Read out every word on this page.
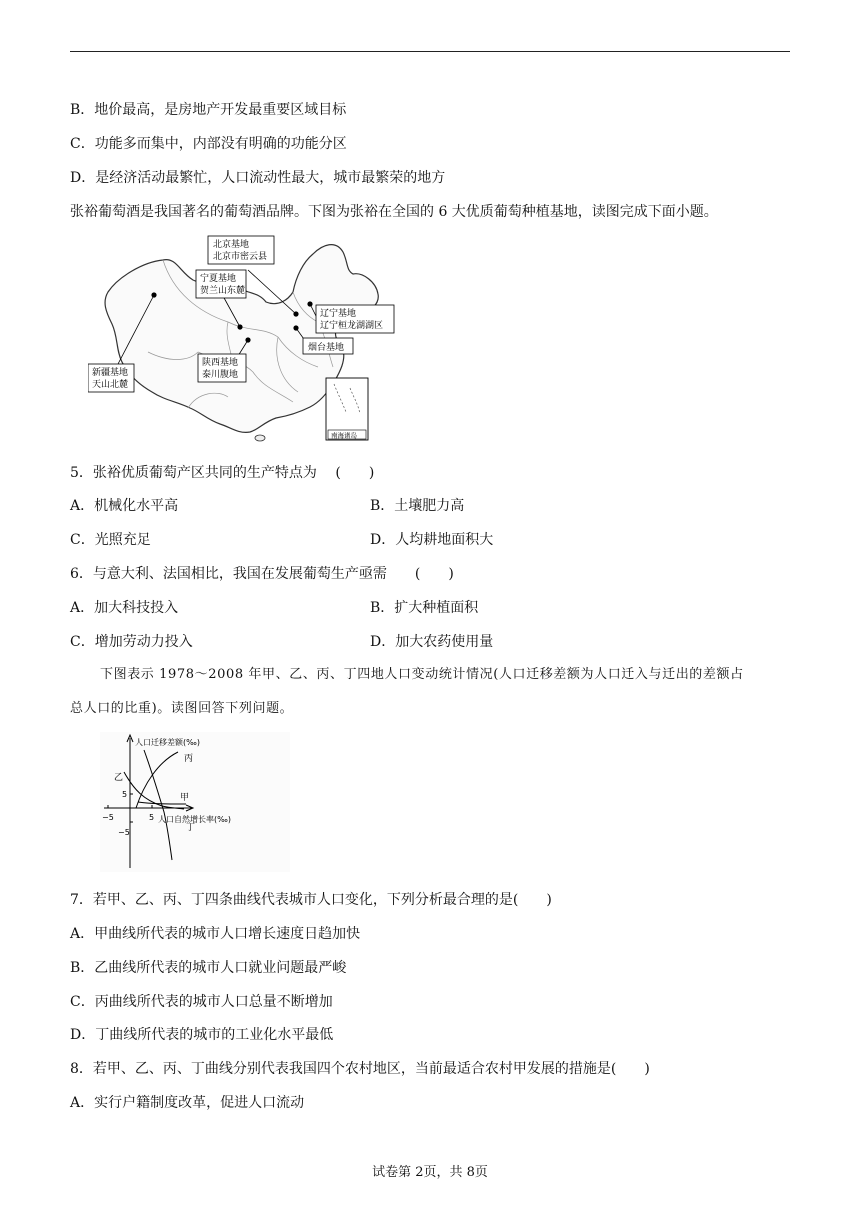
B．地价最高，是房地产开发最重要区域目标
C．功能多而集中，内部没有明确的功能分区
D．是经济活动最繁忙，人口流动性最大，城市最繁荣的地方
张裕葡萄酒是我国著名的葡萄酒品牌。下图为张裕在全国的 6 大优质葡萄种植基地，读图完成下面小题。
北京基地
北京市密云县
宁夏基地
贺兰山东麓
辽宁基地
辽宁桓龙湖湖区
烟台基地
陕西基地
泰川腹地
新疆基地
天山北麓
南海诸岛
5．张裕优质葡萄产区共同的生产特点为　 (　　)
A．机械化水平高	B．土壤肥力高
C．光照充足	D．人均耕地面积大
6．与意大利、法国相比，我国在发展葡萄生产亟需　　(　　)
A．加大科技投入	B．扩大种植面积
C．增加劳动力投入	D．加大农药使用量
下图表示 1978～2008 年甲、乙、丙、丁四地人口变动统计情况(人口迁移差额为人口迁入与迁出的差额占
总人口的比重)。读图回答下列问题。
人口迁移差额(‰)
人口自然增长率(‰)
5
−5
−5	5
乙
丙
甲
丁
7．若甲、乙、丙、丁四条曲线代表城市人口变化，下列分析最合理的是(　　)
A．甲曲线所代表的城市人口增长速度日趋加快
B．乙曲线所代表的城市人口就业问题最严峻
C．丙曲线所代表的城市人口总量不断增加
D．丁曲线所代表的城市的工业化水平最低
8．若甲、乙、丙、丁曲线分别代表我国四个农村地区，当前最适合农村甲发展的措施是(　　)
A．实行户籍制度改革，促进人口流动
试卷第 2页，共 8页
